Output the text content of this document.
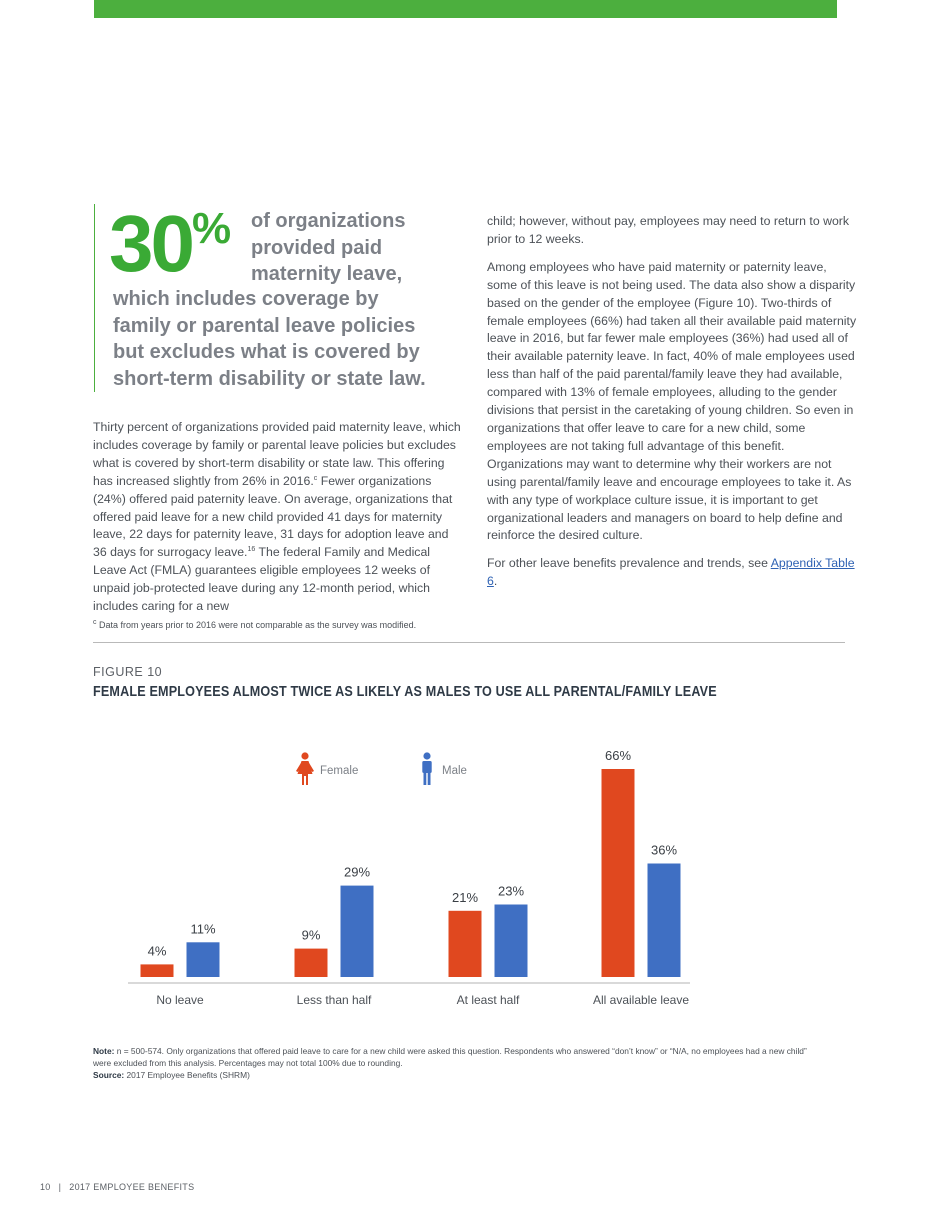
30% of organizations provided paid maternity leave,
which includes coverage by family or parental leave policies but excludes what is covered by short-term disability or state law.

Thirty percent of organizations provided paid maternity leave, which includes coverage by family or parental leave policies but excludes what is covered by short-term disability or state law. This offering has increased slightly from 26% in 2016.$^c$ Fewer organizations (24%) offered paid paternity leave. On average, organizations that offered paid leave for a new child provided 41 days for maternity leave, 22 days for paternity leave, 31 days for adoption leave and 36 days for surrogacy leave.$^{16}$ The federal Family and Medical Leave Act (FMLA) guarantees eligible employees 12 weeks of unpaid job-protected leave during any 12-month period, which includes caring for a new

child; however, without pay, employees may need to return to work prior to 12 weeks.

Among employees who have paid maternity or paternity leave, some of this leave is not being used. The data also show a disparity based on the gender of the employee (Figure 10). Two-thirds of female employees (66%) had taken all their available paid maternity leave in 2016, but far fewer male employees (36%) had used all of their available paternity leave. In fact, 40% of male employees used less than half of the paid parental/family leave they had available, compared with 13% of female employees, alluding to the gender divisions that persist in the caretaking of young children. So even in organizations that offer leave to care for a new child, some employees are not taking full advantage of this benefit. Organizations may want to determine why their workers are not using parental/family leave and encourage employees to take it. As with any type of workplace culture issue, it is important to get organizational leaders and managers on board to help define and reinforce the desired culture.

For other leave benefits prevalence and trends, see Appendix Table 6.

$^c$ Data from years prior to 2016 were not comparable as the survey was modified.
FIGURE 10
FEMALE EMPLOYEES ALMOST TWICE AS LIKELY AS MALES TO USE ALL PARENTAL/FAMILY LEAVE
Female	Male
4%
9%
21%
66%
11%
29%
23%
36%
No leave	Less than half	At least half	All available leave
Note: n = 500-574. Only organizations that offered paid leave to care for a new child were asked this question. Respondents who answered “don’t know” or “N/A, no employees had a new child” were excluded from this analysis. Percentages may not total 100% due to rounding.
Source: 2017 Employee Benefits (SHRM)
10 | 2017 EMPLOYEE BENEFITS
